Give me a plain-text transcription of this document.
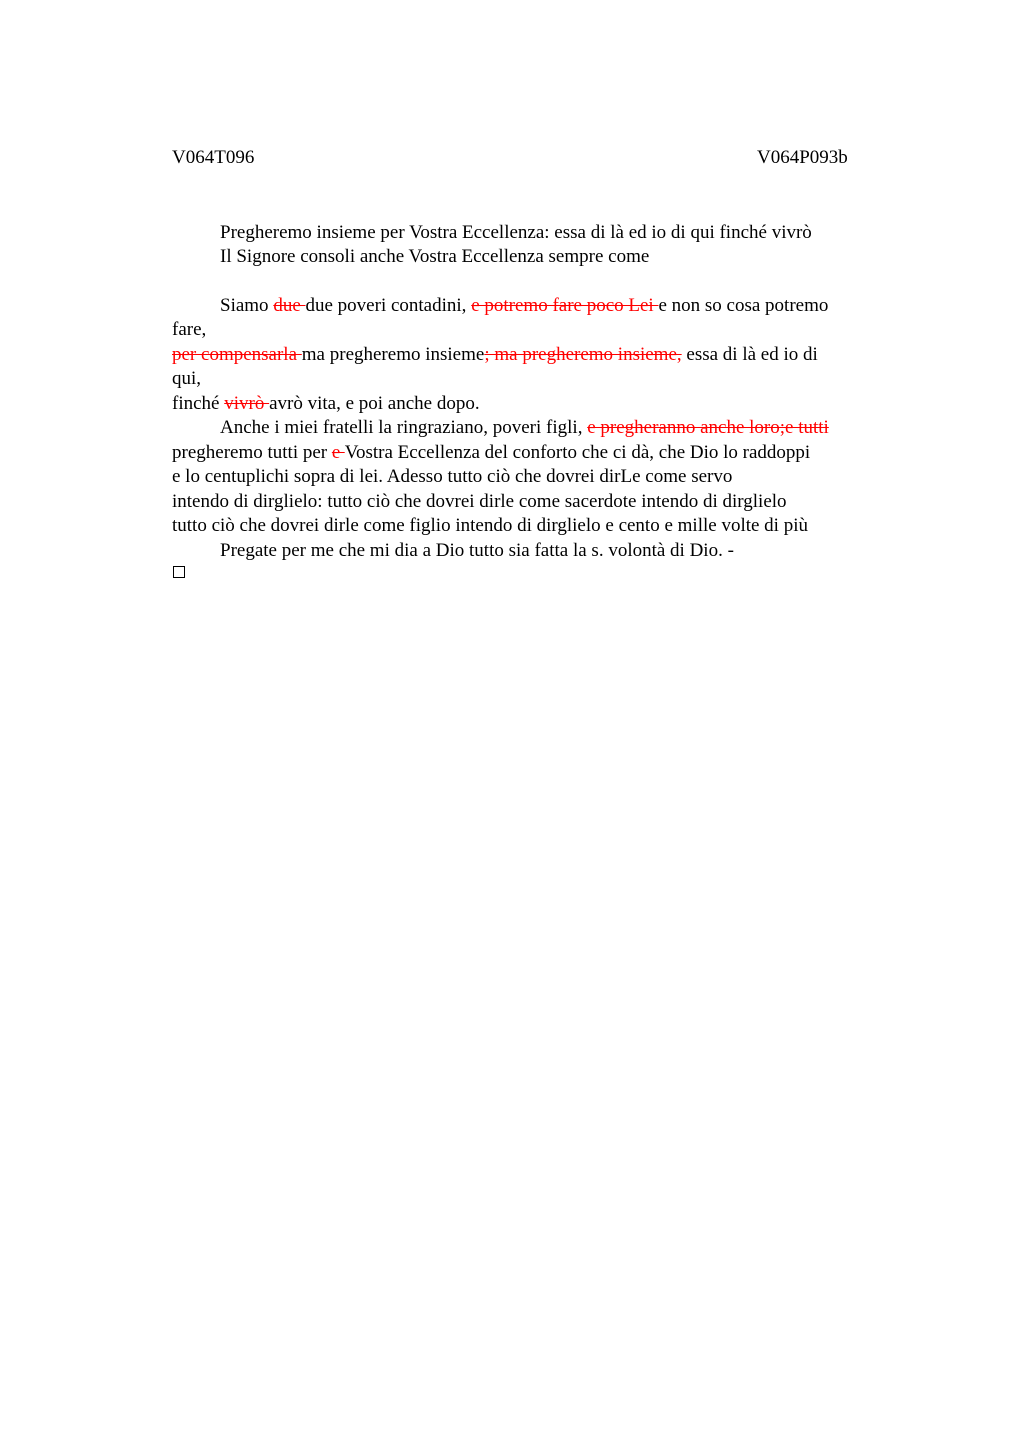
V064T096	V064P093b
Pregheremo insieme per Vostra Eccellenza: essa di là ed io di qui finché vivrò
Il Signore consoli anche Vostra Eccellenza sempre come
Siamo due due poveri contadini, e potremo fare poco Lei e non so cosa potremo
fare,
per compensarla ma pregheremo insieme; ma pregheremo insieme, essa di là ed io di
qui,
finché vivrò avrò vita, e poi anche dopo.
Anche i miei fratelli la ringraziano, poveri figli, e pregheranno anche loro;e tutti
pregheremo tutti per e Vostra Eccellenza del conforto che ci dà, che Dio lo raddoppi
e lo centuplichi sopra di lei. Adesso tutto ciò che dovrei dirLe come servo
intendo di dirglielo: tutto ciò che dovrei dirle come sacerdote intendo di dirglielo
tutto ciò che dovrei dirle come figlio intendo di dirglielo e cento e mille volte di più
Pregate per me che mi dia a Dio tutto sia fatta la s. volontà di Dio. -
